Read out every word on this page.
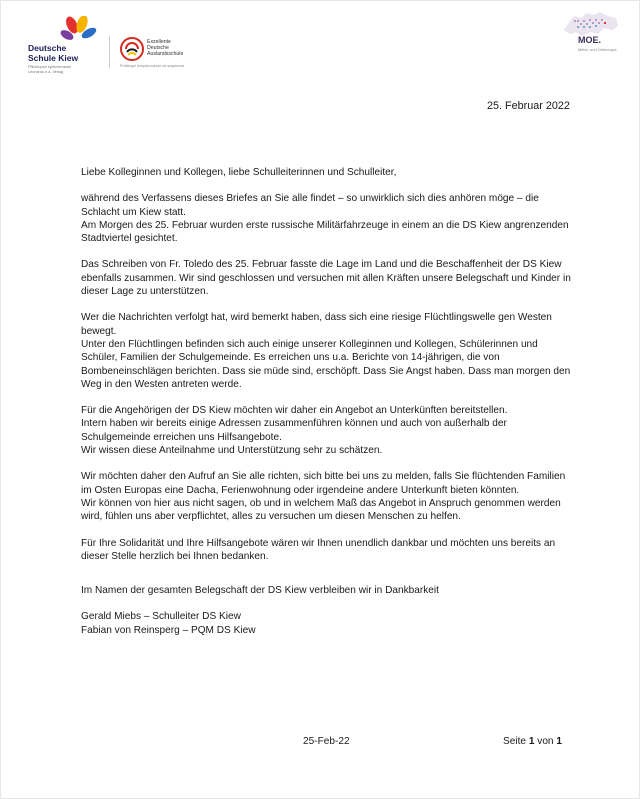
Deutsche
Schule Kiew
Pflichtoperi sprüchenswel
Leonardo e.a. Verlag
Exzellente
Deutsche
Auslandsschule
Prüfsiegel lehrplan-schule de sequenzar
MOE.
Mittel- und Osteuropa
25. Februar 2022

Liebe Kolleginnen und Kollegen, liebe Schulleiterinnen und Schulleiter,

während des Verfassens dieses Briefes an Sie alle findet – so unwirklich sich dies anhören möge – die Schlacht um Kiew statt.

Am Morgen des 25. Februar wurden erste russische Militärfahrzeuge in einem an die DS Kiew angrenzenden Stadtviertel gesichtet.

Das Schreiben von Fr. Toledo des 25. Februar fasste die Lage im Land und die Beschaffenheit der DS Kiew ebenfalls zusammen. Wir sind geschlossen und versuchen mit allen Kräften unsere Belegschaft und Kinder in dieser Lage zu unterstützen.

Wer die Nachrichten verfolgt hat, wird bemerkt haben, dass sich eine riesige Flüchtlingswelle gen Westen bewegt.

Unter den Flüchtlingen befinden sich auch einige unserer Kolleginnen und Kollegen, Schülerinnen und Schüler, Familien der Schulgemeinde. Es erreichen uns u.a. Berichte von 14-jährigen, die von Bombeneinschlägen berichten. Dass sie müde sind, erschöpft. Dass Sie Angst haben. Dass man morgen den Weg in den Westen antreten werde.

Für die Angehörigen der DS Kiew möchten wir daher ein Angebot an Unterkünften bereitstellen.

Intern haben wir bereits einige Adressen zusammenführen können und auch von außerhalb der Schulgemeinde erreichen uns Hilfsangebote.

Wir wissen diese Anteilnahme und Unterstützung sehr zu schätzen.

Wir möchten daher den Aufruf an Sie alle richten, sich bitte bei uns zu melden, falls Sie flüchtenden Familien im Osten Europas eine Dacha, Ferienwohnung oder irgendeine andere Unterkunft bieten könnten.

Wir können von hier aus nicht sagen, ob und in welchem Maß das Angebot in Anspruch genommen werden wird, fühlen uns aber verpflichtet, alles zu versuchen um diesen Menschen zu helfen.

Für Ihre Solidarität und Ihre Hilfsangebote wären wir Ihnen unendlich dankbar und möchten uns bereits an dieser Stelle herzlich bei Ihnen bedanken.

Im Namen der gesamten Belegschaft der DS Kiew verbleiben wir in Dankbarkeit

Gerald Miebs – Schulleiter DS Kiew

Fabian von Reinsperg – PQM DS Kiew

25-Feb-22	Seite 1 von 1
